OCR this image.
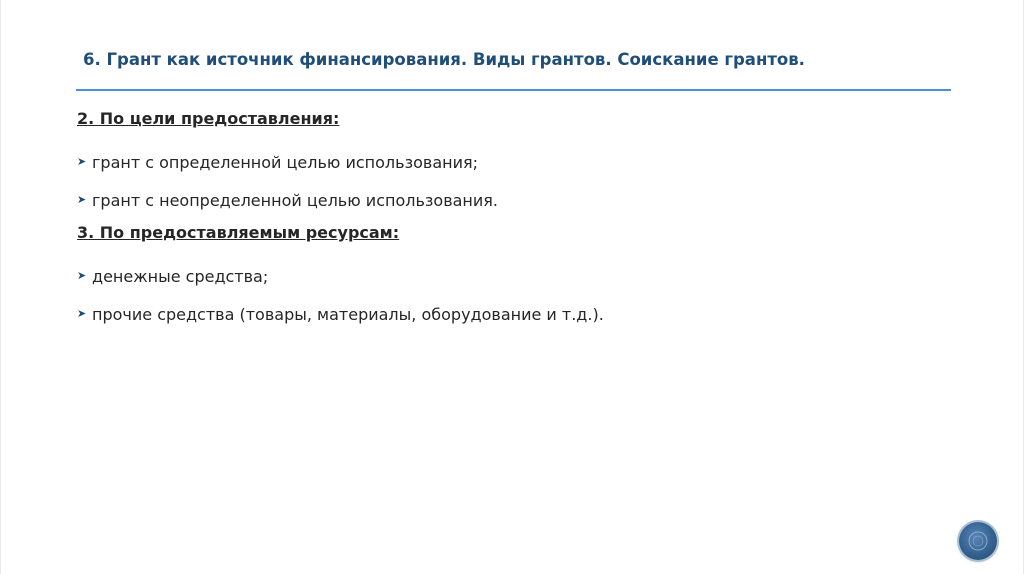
6. Грант как источник финансирования. Виды грантов. Соискание грантов.
2. По цели предоставления:
➤ грант с определенной целью использования;
➤ грант с неопределенной целью использования.
3. По предоставляемым ресурсам:
➤ денежные средства;
➤ прочие средства (товары, материалы, оборудование и т.д.).
